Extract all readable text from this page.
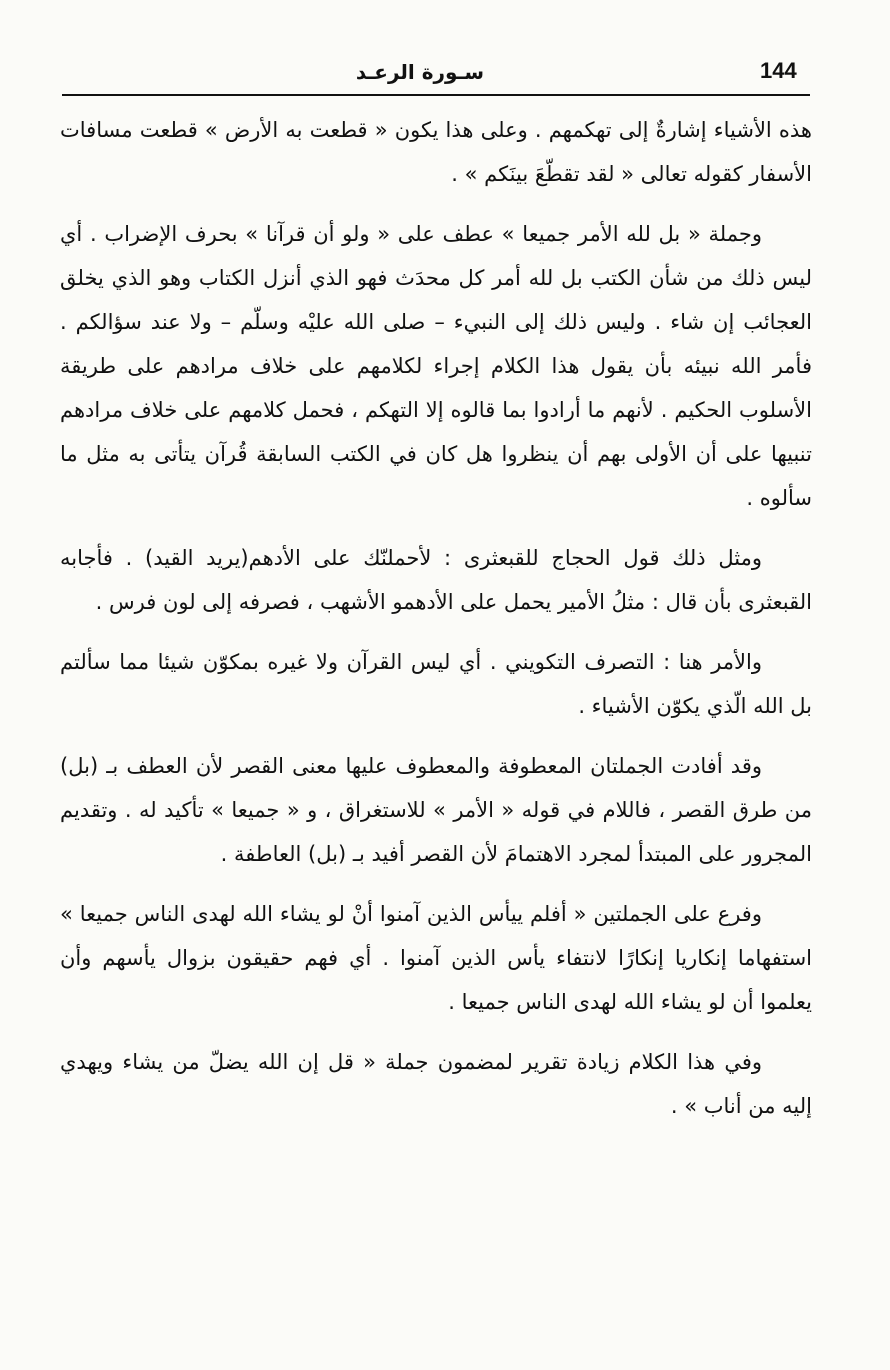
144
سـورة الرعـد

هذه الأشياء إشارةٌ إلى تهكمهم . وعلى هذا يكون « قطعت به الأرض » قطعت مسافات الأسفار كقوله تعالى « لقد تقطّعَ بينَكم » .

وجملة « بل لله الأمر جميعا » عطف على « ولو أن قرآنا » بحرف الإضراب . أي ليس ذلك من شأن الكتب بل لله أمر كل محدَث فهو الذي أنزل الكتاب وهو الذي يخلق العجائب إن شاء . وليس ذلك إلى النبيء – صلى الله عليْه وسلّم – ولا عند سؤالكم . فأمر الله نبيئه بأن يقول هذا الكلام إجراء لكلامهم على خلاف مرادهم على طريقة الأسلوب الحكيم . لأنهم ما أرادوا بما قالوه إلا التهكم ، فحمل كلامهم على خلاف مرادهم تنبيها على أن الأولى بهم أن ينظروا هل كان في الكتب السابقة قُرآن يتأتى به مثل ما سألوه .

ومثل ذلك قول الحجاج للقبعثرى : لأحملنّك على الأدهم(يريد القيد) . فأجابه القبعثرى بأن قال : مثلُ الأمير يحمل على الأدهمو الأشهب ، فصرفه إلى لون فرس .

والأمر هنا : التصرف التكويني . أي ليس القرآن ولا غيره بمكوّن شيئا مما سألتم بل الله الّذي يكوّن الأشياء .

وقد أفادت الجملتان المعطوفة والمعطوف عليها معنى القصر لأن العطف بـ (بل) من طرق القصر ، فاللام في قوله « الأمر » للاستغراق ، و « جميعا » تأكيد له . وتقديم المجرور على المبتدأ لمجرد الاهتمامَ لأن القصر أفيد بـ (بل) العاطفة .

وفرع على الجملتين « أفلم ييأس الذين آمنوا أنْ لو يشاء الله لهدى الناس جميعا » استفهاما إنكاريا إنكارًا لانتفاء يأس الذين آمنوا . أي فهم حقيقون بزوال يأسهم وأن يعلموا أن لو يشاء الله لهدى الناس جميعا .

وفي هذا الكلام زيادة تقرير لمضمون جملة « قل إن الله يضلّ من يشاء ويهدي إليه من أناب » .
